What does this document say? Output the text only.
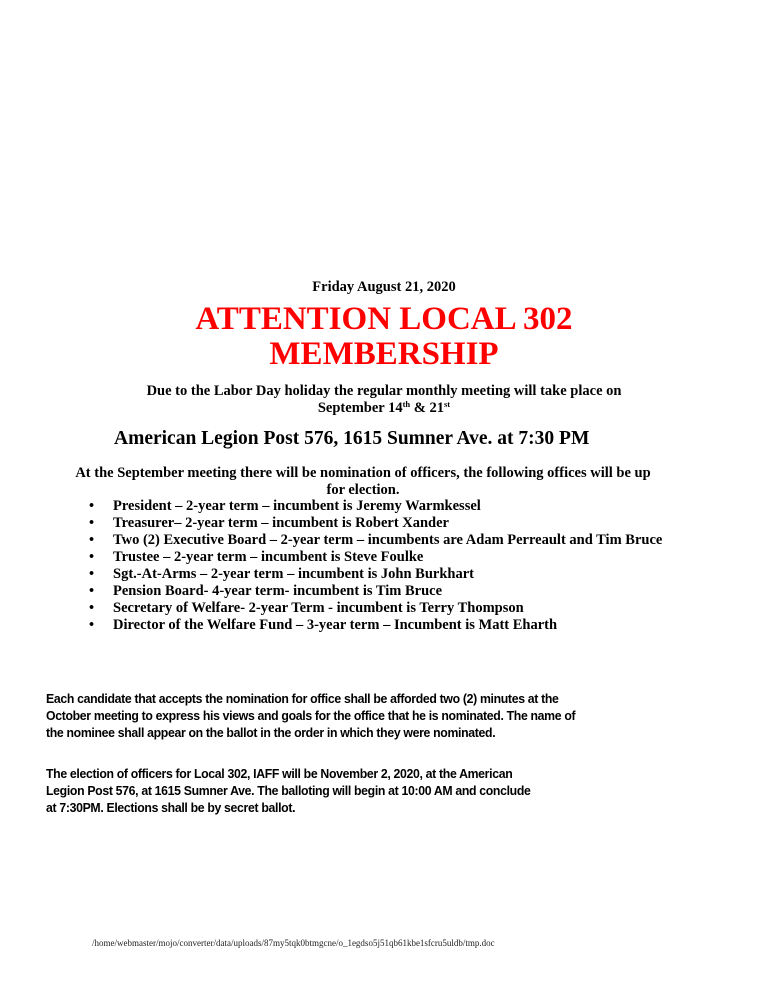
Friday August 21, 2020

ATTENTION LOCAL 302
MEMBERSHIP
Due to the Labor Day holiday the regular monthly meeting will take place on
September 14th & 21st

American Legion Post 576, 1615 Sumner Ave. at 7:30 PM

At the September meeting there will be nomination of officers, the following offices will be up
for election.
• President – 2-year term – incumbent is Jeremy Warmkessel
• Treasurer– 2-year term – incumbent is Robert Xander
• Two (2) Executive Board – 2-year term – incumbents are Adam Perreault and Tim Bruce
• Trustee – 2-year term – incumbent is Steve Foulke
• Sgt.-At-Arms – 2-year term – incumbent is John Burkhart
• Pension Board- 4-year term- incumbent is Tim Bruce
• Secretary of Welfare- 2-year Term - incumbent is Terry Thompson
• Director of the Welfare Fund – 3-year term – Incumbent is Matt Eharth
Each candidate that accepts the nomination for office shall be afforded two (2) minutes at the
October meeting to express his views and goals for the office that he is nominated. The name of
the nominee shall appear on the ballot in the order in which they were nominated.
The election of officers for Local 302, IAFF will be November 2, 2020, at the American
Legion Post 576, at 1615 Sumner Ave. The balloting will begin at 10:00 AM and conclude
at 7:30PM. Elections shall be by secret ballot.
/home/webmaster/mojo/converter/data/uploads/87my5tqk0btmgcne/o_1egdso5j51qb61kbe1sfcru5uldb/tmp.doc
